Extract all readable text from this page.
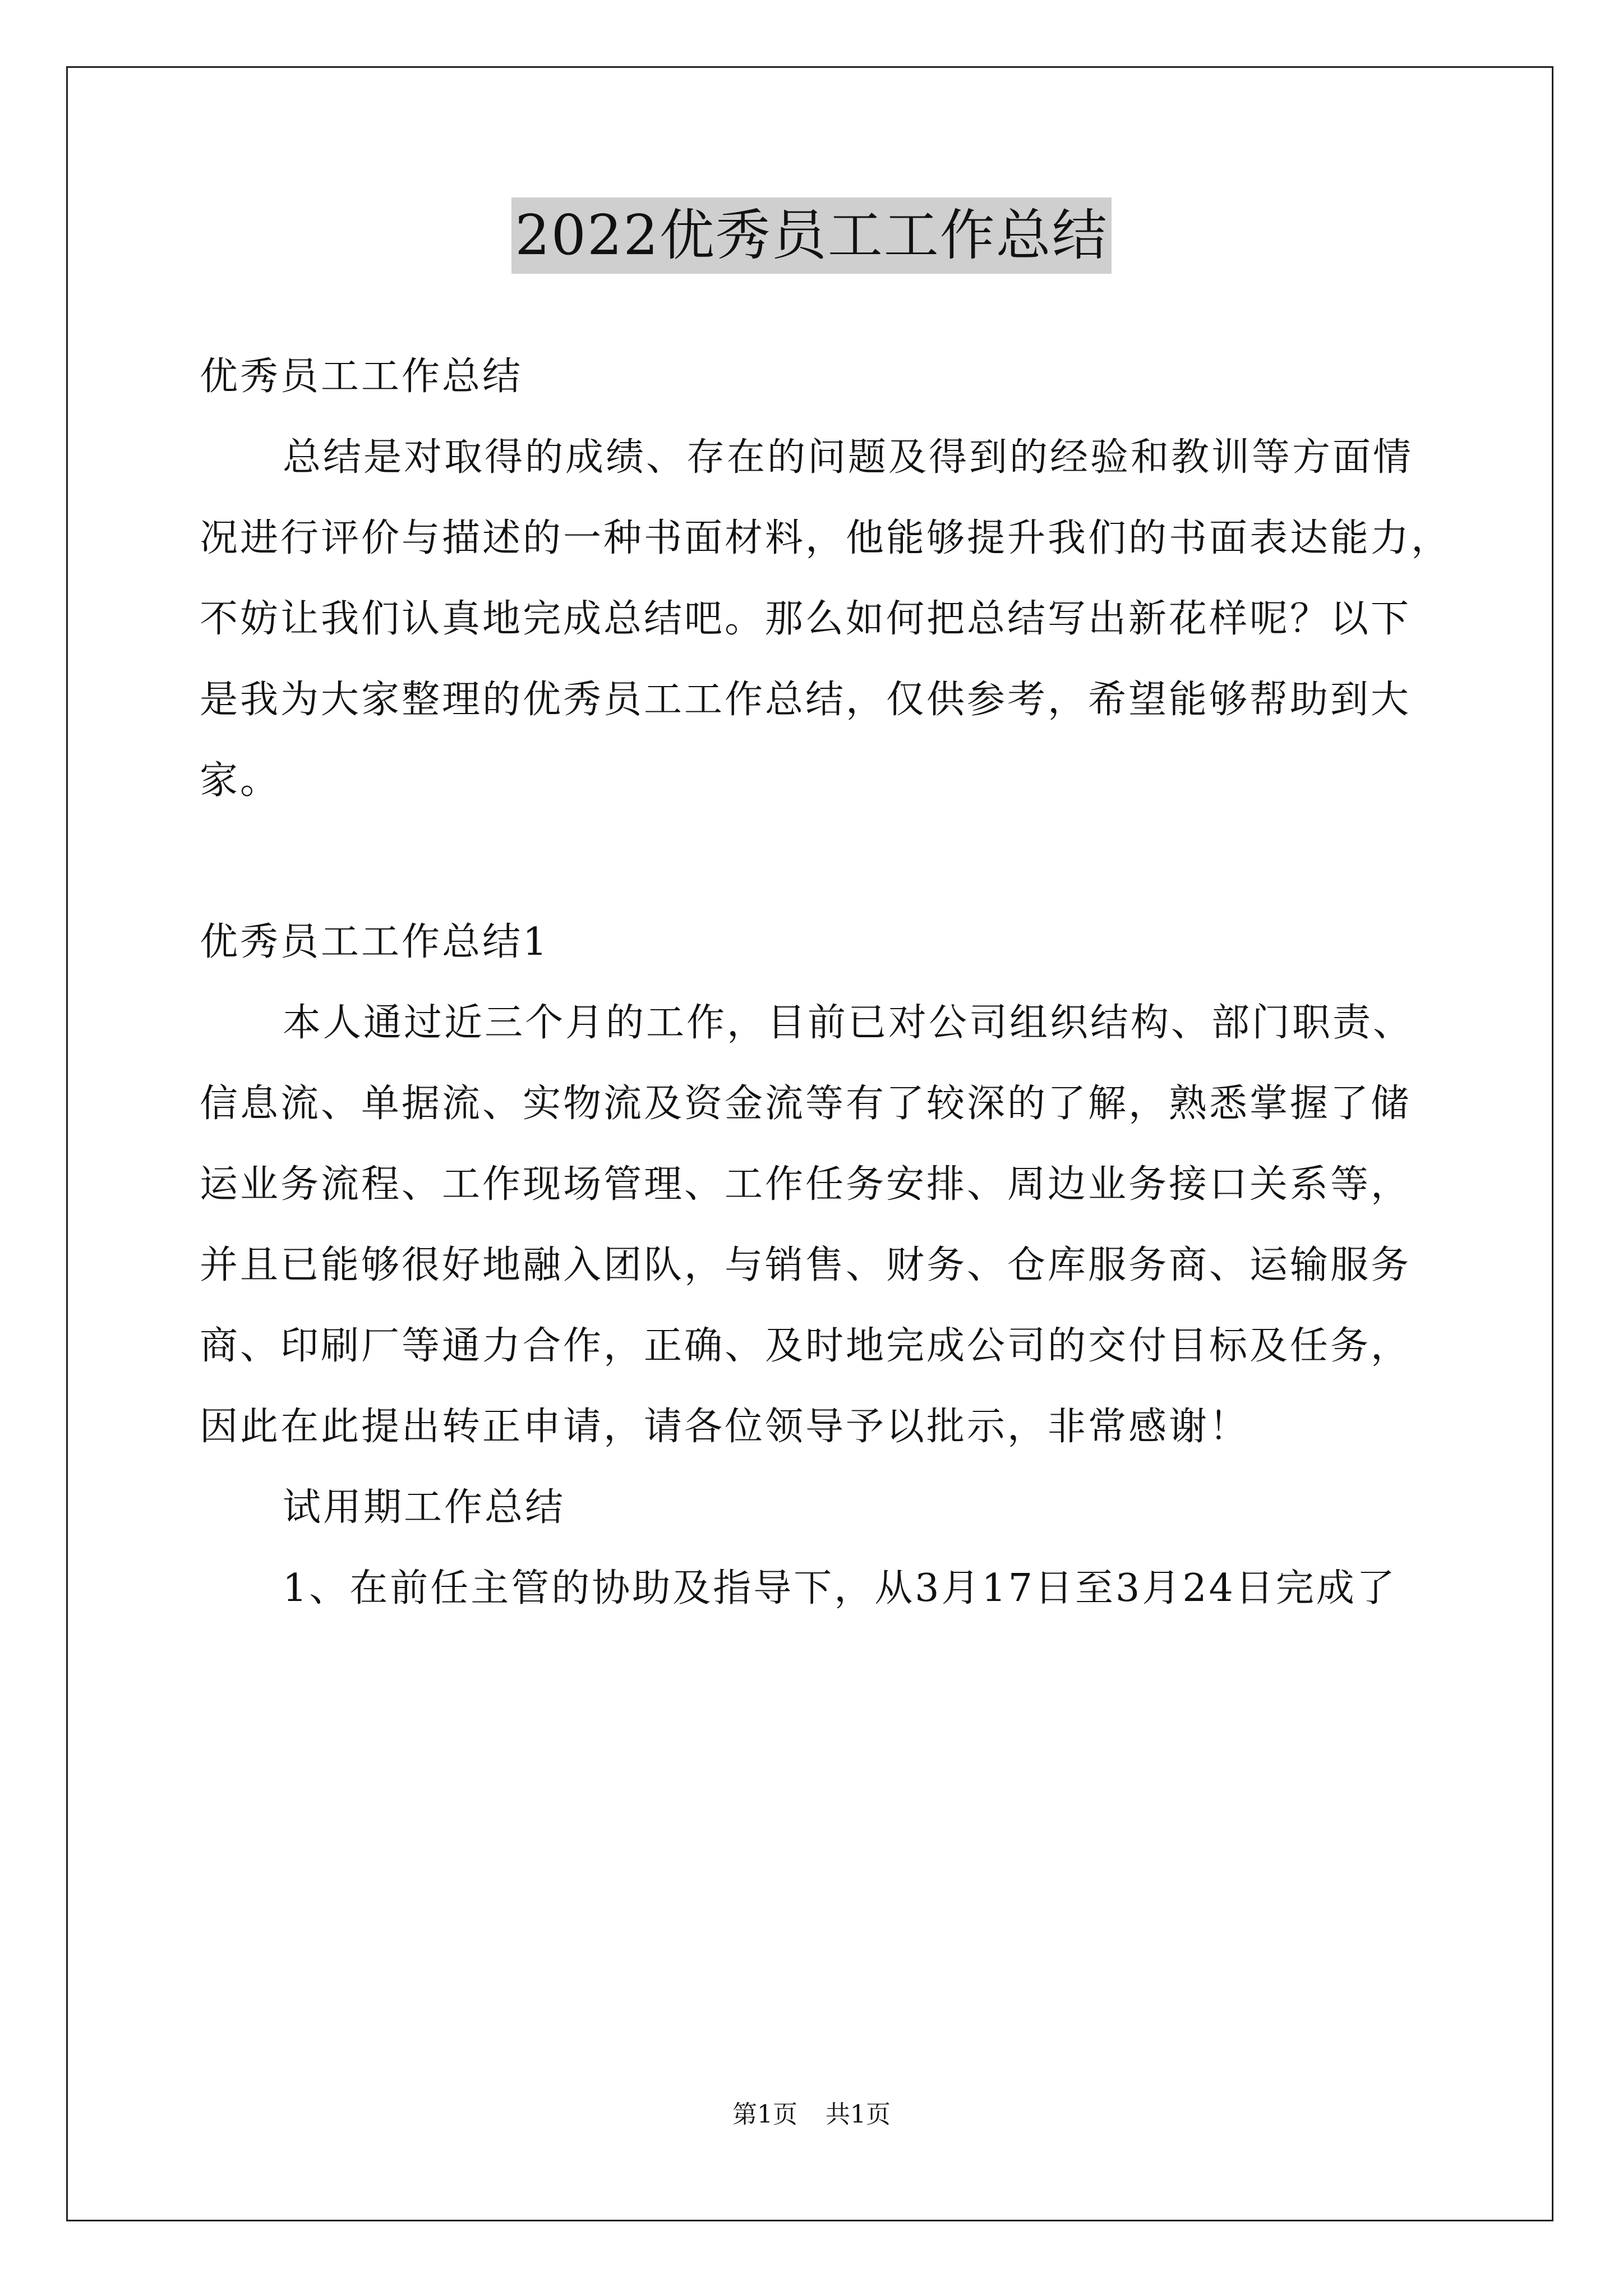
2022优秀员工工作总结

优秀员工工作总结

总结是对取得的成绩、存在的问题及得到的经验和教训等方面情

况进行评价与描述的一种书面材料，他能够提升我们的书面表达能力，

不妨让我们认真地完成总结吧。那么如何把总结写出新花样呢？以下

是我为大家整理的优秀员工工作总结，仅供参考，希望能够帮助到大

家。

优秀员工工作总结1

本人通过近三个月的工作，目前已对公司组织结构、部门职责、

信息流、单据流、实物流及资金流等有了较深的了解，熟悉掌握了储

运业务流程、工作现场管理、工作任务安排、周边业务接口关系等，

并且已能够很好地融入团队，与销售、财务、仓库服务商、运输服务

商、印刷厂等通力合作，正确、及时地完成公司的交付目标及任务，

因此在此提出转正申请，请各位领导予以批示，非常感谢！

试用期工作总结

1、在前任主管的协助及指导下，从3月17日至3月24日完成了

第1页 共1页
